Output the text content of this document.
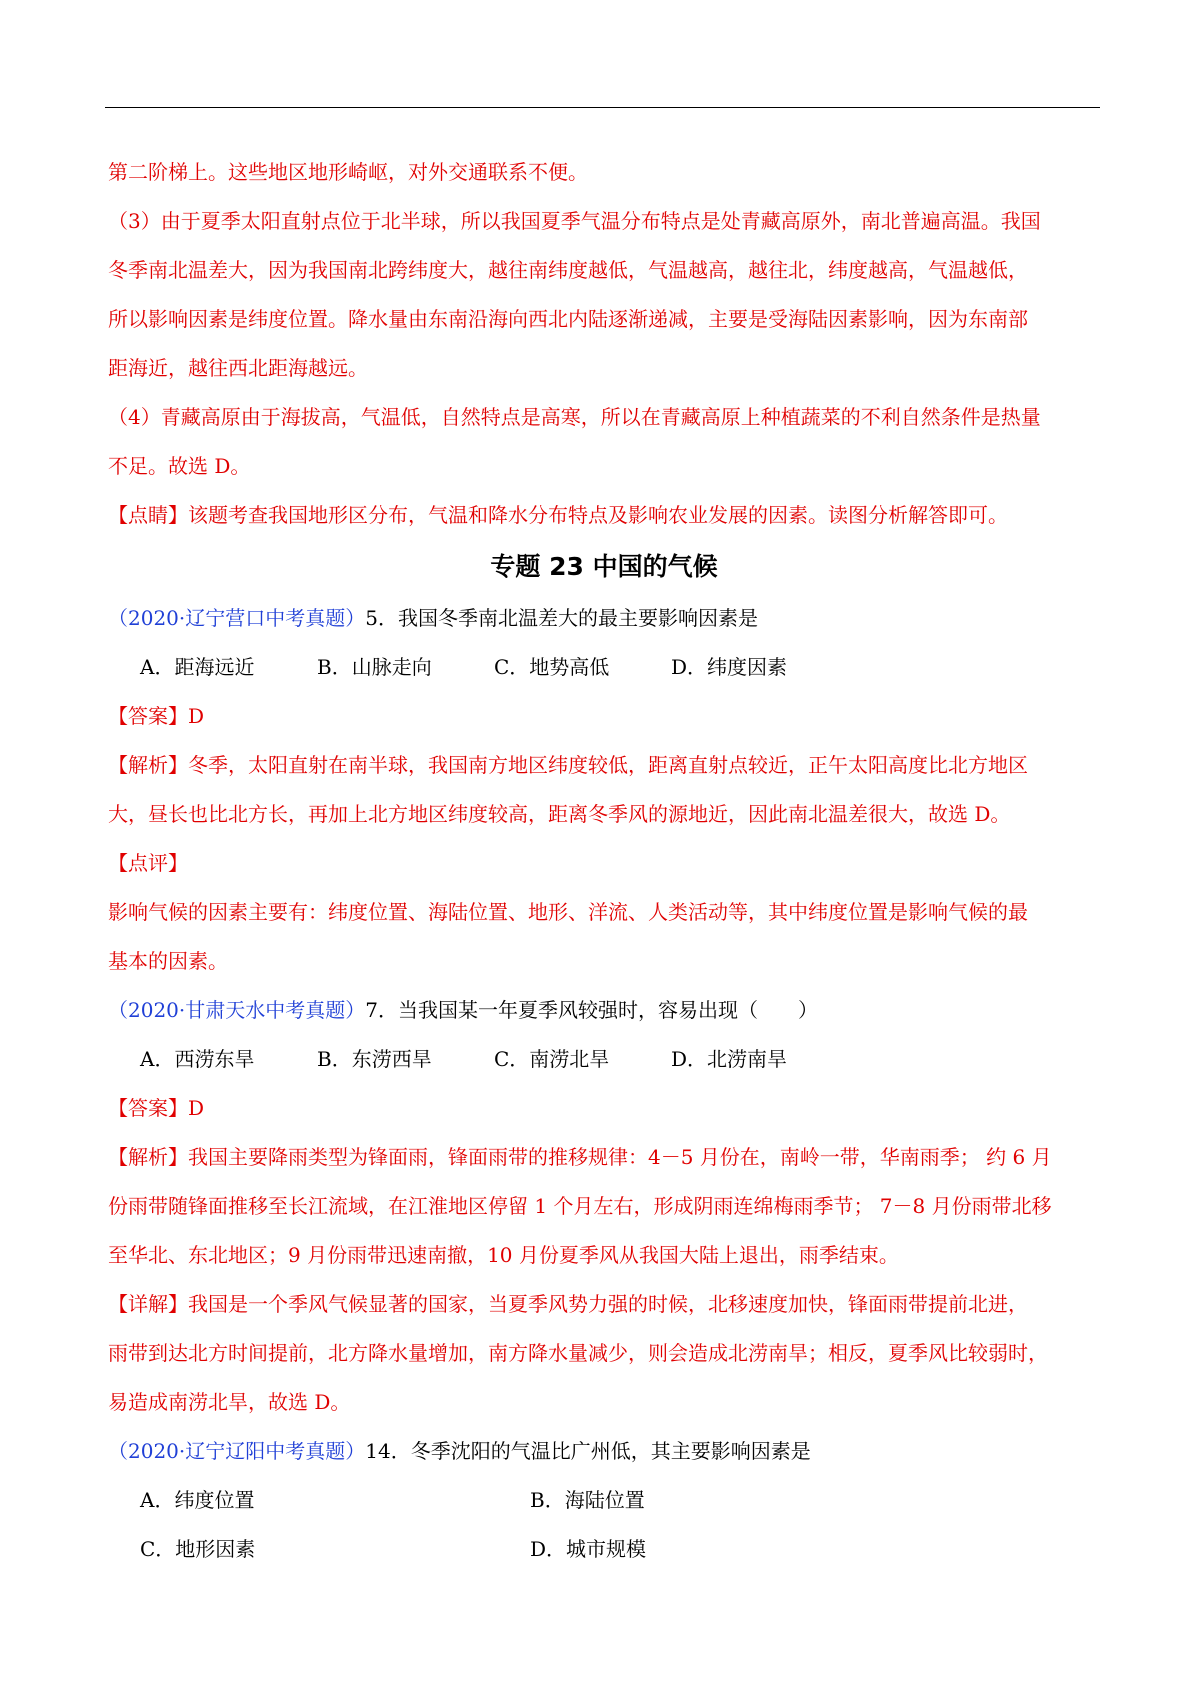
第二阶梯上。这些地区地形崎岖，对外交通联系不便。

（3）由于夏季太阳直射点位于北半球，所以我国夏季气温分布特点是处青藏高原外，南北普遍高温。我国

冬季南北温差大，因为我国南北跨纬度大，越往南纬度越低，气温越高，越往北，纬度越高，气温越低，

所以影响因素是纬度位置。降水量由东南沿海向西北内陆逐渐递减，主要是受海陆因素影响，因为东南部

距海近，越往西北距海越远。

（4）青藏高原由于海拔高，气温低，自然特点是高寒，所以在青藏高原上种植蔬菜的不利自然条件是热量

不足。故选 D。

【点睛】该题考查我国地形区分布，气温和降水分布特点及影响农业发展的因素。读图分析解答即可。

专题 23 中国的气候

（2020·辽宁营口中考真题）5．我国冬季南北温差大的最主要影响因素是

A．距海远近	B．山脉走向	C．地势高低	D．纬度因素

【答案】D

【解析】冬季，太阳直射在南半球，我国南方地区纬度较低，距离直射点较近，正午太阳高度比北方地区

大，昼长也比北方长，再加上北方地区纬度较高，距离冬季风的源地近，因此南北温差很大，故选 D。

【点评】

影响气候的因素主要有：纬度位置、海陆位置、地形、洋流、人类活动等，其中纬度位置是影响气候的最

基本的因素。

（2020·甘肃天水中考真题）7．当我国某一年夏季风较强时，容易出现（　　）

A．西涝东旱	B．东涝西旱	C．南涝北旱	D．北涝南旱

【答案】D

【解析】我国主要降雨类型为锋面雨，锋面雨带的推移规律：4－5 月份在，南岭一带，华南雨季； 约 6 月

份雨带随锋面推移至长江流域，在江淮地区停留 1 个月左右，形成阴雨连绵梅雨季节； 7－8 月份雨带北移

至华北、东北地区；9 月份雨带迅速南撤，10 月份夏季风从我国大陆上退出，雨季结束。

【详解】我国是一个季风气候显著的国家，当夏季风势力强的时候，北移速度加快，锋面雨带提前北进，

雨带到达北方时间提前，北方降水量增加，南方降水量减少，则会造成北涝南旱；相反，夏季风比较弱时，

易造成南涝北旱，故选 D。

（2020·辽宁辽阳中考真题）14．冬季沈阳的气温比广州低，其主要影响因素是

A．纬度位置	B．海陆位置
C．地形因素	D．城市规模
